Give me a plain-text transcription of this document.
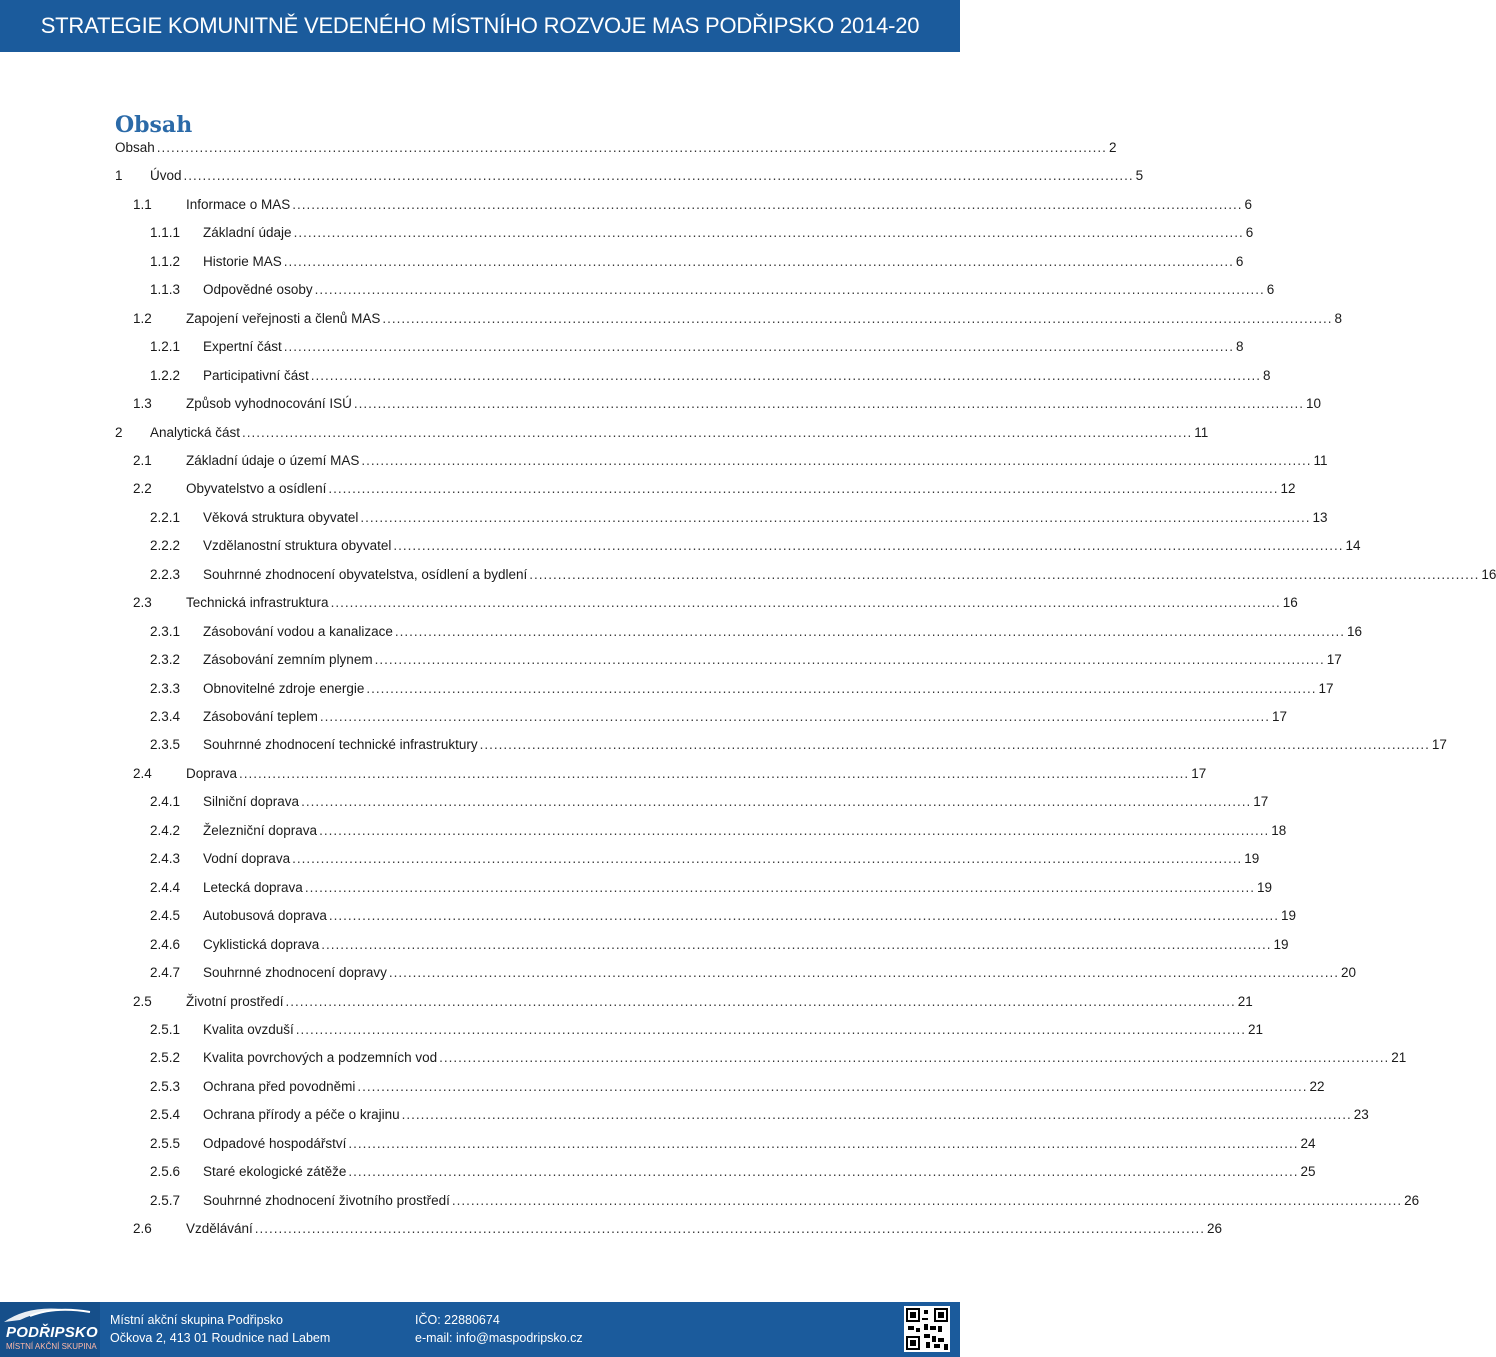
STRATEGIE KOMUNITNĚ VEDENÉHO MÍSTNÍHO ROZVOJE MAS PODŘIPSKO 2014-20
Obsah
Obsah ........................................................................................................................................................................................................ 2
1 Úvod ........................................................................................................................................................................................................ 5
1.1	Informace o MAS ........................................................................................................................................................................................................ 6
1.1.1 Základní údaje ........................................................................................................................................................................................................ 6
1.1.2 Historie MAS ........................................................................................................................................................................................................ 6
1.1.3 Odpovědné osoby ........................................................................................................................................................................................................ 6
1.2	Zapojení veřejnosti a členů MAS ........................................................................................................................................................................................................ 8
1.2.1 Expertní část ........................................................................................................................................................................................................ 8
1.2.2 Participativní část ........................................................................................................................................................................................................ 8
1.3	Způsob vyhodnocování ISÚ ........................................................................................................................................................................................................ 10
2 Analytická část ........................................................................................................................................................................................................ 11
2.1	Základní údaje o území MAS ........................................................................................................................................................................................................ 11
2.2	Obyvatelstvo a osídlení ........................................................................................................................................................................................................ 12
2.2.1 Věková struktura obyvatel ........................................................................................................................................................................................................ 13
2.2.2 Vzdělanostní struktura obyvatel ........................................................................................................................................................................................................ 14
2.2.3 Souhrnné zhodnocení obyvatelstva, osídlení a bydlení ........................................................................................................................................................................................................ 16
2.3	Technická infrastruktura ........................................................................................................................................................................................................ 16
2.3.1 Zásobování vodou a kanalizace ........................................................................................................................................................................................................ 16
2.3.2 Zásobování zemním plynem ........................................................................................................................................................................................................ 17
2.3.3 Obnovitelné zdroje energie ........................................................................................................................................................................................................ 17
2.3.4 Zásobování teplem ........................................................................................................................................................................................................ 17
2.3.5 Souhrnné zhodnocení technické infrastruktury ........................................................................................................................................................................................................ 17
2.4	Doprava ........................................................................................................................................................................................................ 17
2.4.1 Silniční doprava ........................................................................................................................................................................................................ 17
2.4.2 Železniční doprava ........................................................................................................................................................................................................ 18
2.4.3 Vodní doprava ........................................................................................................................................................................................................ 19
2.4.4 Letecká doprava ........................................................................................................................................................................................................ 19
2.4.5 Autobusová doprava ........................................................................................................................................................................................................ 19
2.4.6 Cyklistická doprava ........................................................................................................................................................................................................ 19
2.4.7 Souhrnné zhodnocení dopravy ........................................................................................................................................................................................................ 20
2.5	Životní prostředí ........................................................................................................................................................................................................ 21
2.5.1 Kvalita ovzduší ........................................................................................................................................................................................................ 21
2.5.2 Kvalita povrchových a podzemních vod ........................................................................................................................................................................................................ 21
2.5.3 Ochrana před povodněmi ........................................................................................................................................................................................................ 22
2.5.4 Ochrana přírody a péče o krajinu ........................................................................................................................................................................................................ 23
2.5.5 Odpadové hospodářství ........................................................................................................................................................................................................ 24
2.5.6 Staré ekologické zátěže ........................................................................................................................................................................................................ 25
2.5.7 Souhrnné zhodnocení životního prostředí ........................................................................................................................................................................................................ 26
2.6	Vzdělávání ........................................................................................................................................................................................................ 26
PODŘIPSKO
MÍSTNÍ AKČNÍ SKUPINA
Místní akční skupina Podřipsko
Očkova 2, 413 01 Roudnice nad Labem
IČO: 22880674
e-mail: info@maspodripsko.cz
